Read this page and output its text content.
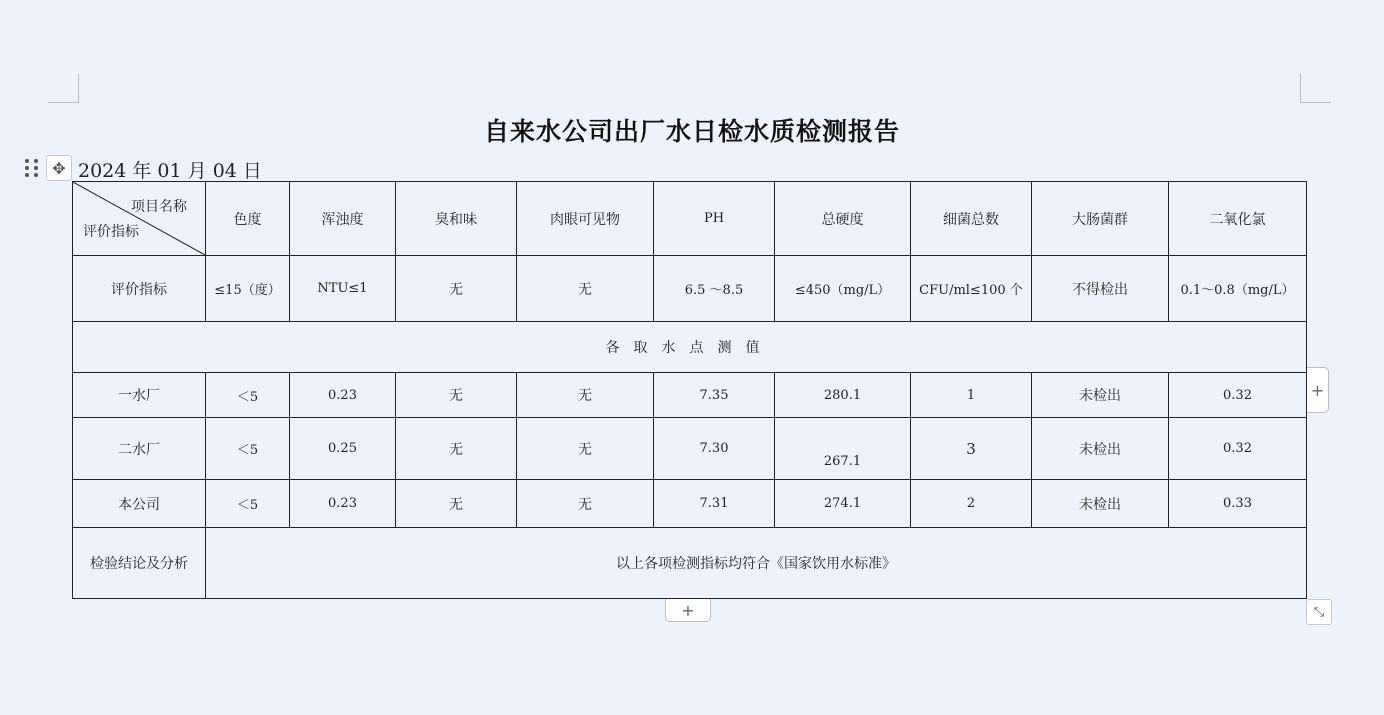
自来水公司出厂水日检水质检测报告
✥ 2024 年 01 月 04 日
项目名称
评价指标	色度	浑浊度	臭和味	肉眼可见物	PH	总硬度	细菌总数	大肠菌群	二氧化氯
评价指标	≤15（度）	NTU≤1	无	无	6.5 ～8.5	≤450（mg/L）	CFU/ml≤100 个	不得检出	0.1～0.8（mg/L）
各取水点测值									
一水厂	＜5	0.23	无	无	7.35	280.1	1	未检出	0.32
二水厂	＜5	0.25	无	无	7.30	267.1	3	未检出	0.32
本公司	＜5	0.23	无	无	7.31	274.1	2	未检出	0.33
检验结论及分析	以上各项检测指标均符合《国家饮用水标准》								
+
+	⤡
